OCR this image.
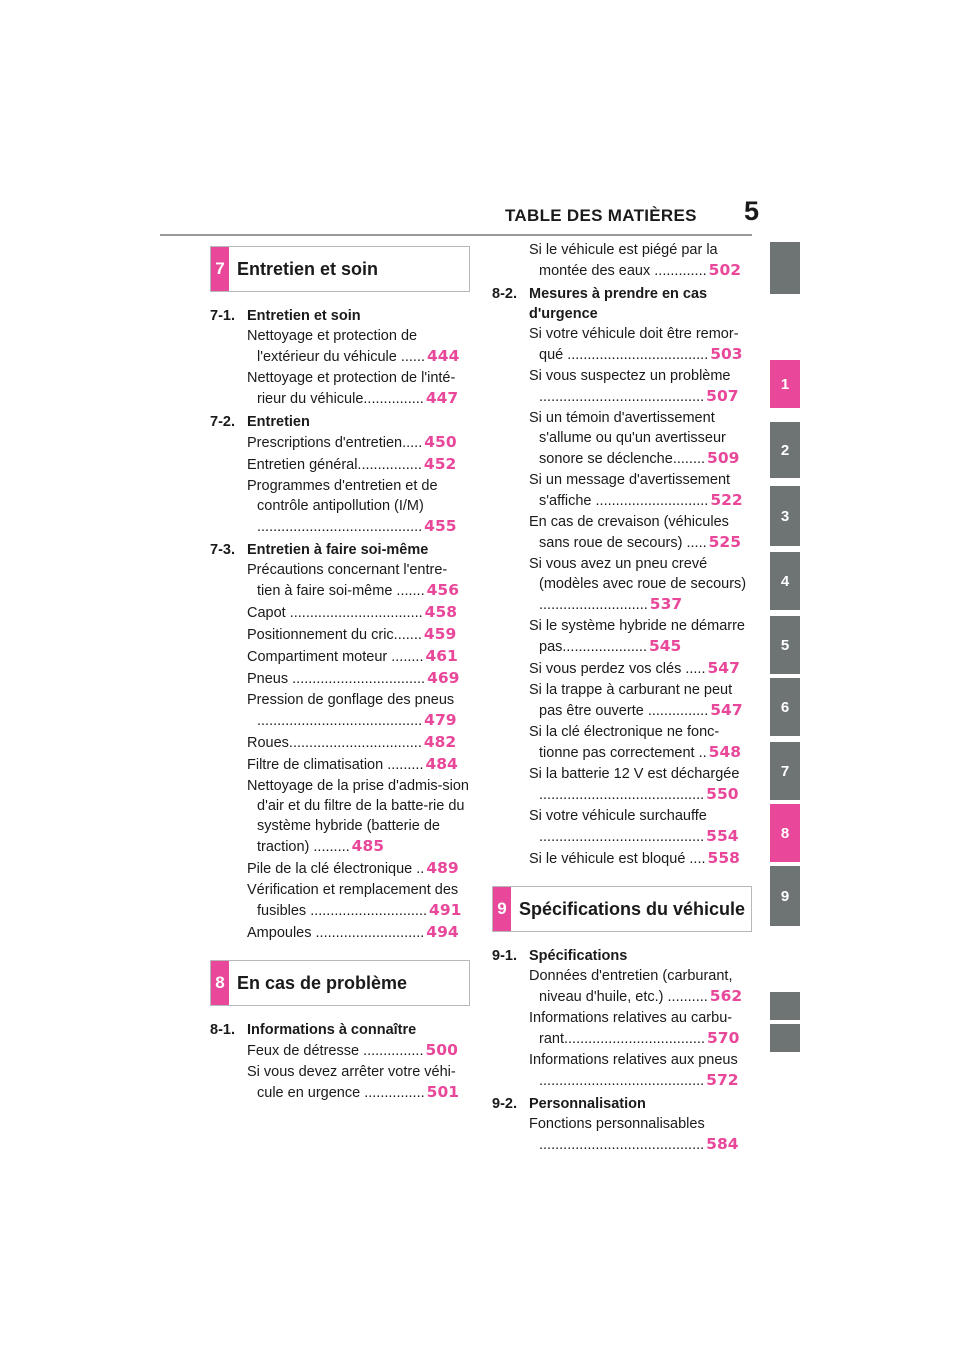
TABLE DES MATIÈRES 5
7 Entretien et soin
7-1. Entretien et soin
Nettoyage et protection de l'extérieur du véhicule ...... 444
Nettoyage et protection de l'inté-rieur du véhicule............... 447
7-2. Entretien
Prescriptions d'entretien..... 450
Entretien général................ 452
Programmes d'entretien et de contrôle antipollution (I/M) ......................................... 455
7-3. Entretien à faire soi-même
Précautions concernant l'entre-tien à faire soi-même ....... 456
Capot ................................. 458
Positionnement du cric....... 459
Compartiment moteur ........ 461
Pneus ................................. 469
Pression de gonflage des pneus ......................................... 479
Roues................................. 482
Filtre de climatisation ......... 484
Nettoyage de la prise d'admis-sion d'air et du filtre de la batte-rie du système hybride (batterie de traction) ......... 485
Pile de la clé électronique .. 489
Vérification et remplacement des fusibles ............................. 491
Ampoules ........................... 494
8 En cas de problème
8-1. Informations à connaître
Feux de détresse ............... 500
Si vous devez arrêter votre véhi-cule en urgence ............... 501
Si le véhicule est piégé par la montée des eaux ............. 502
8-2. Mesures à prendre en cas d'urgence
Si votre véhicule doit être remor-qué ................................... 503
Si vous suspectez un problème ......................................... 507
Si un témoin d'avertissement s'allume ou qu'un avertisseur sonore se déclenche........ 509
Si un message d'avertissement s'affiche ............................ 522
En cas de crevaison (véhicules sans roue de secours) ..... 525
Si vous avez un pneu crevé (modèles avec roue de secours) ........................... 537
Si le système hybride ne démarre pas..................... 545
Si vous perdez vos clés ..... 547
Si la trappe à carburant ne peut pas être ouverte ............... 547
Si la clé électronique ne fonc-tionne pas correctement .. 548
Si la batterie 12 V est déchargée ......................................... 550
Si votre véhicule surchauffe ......................................... 554
Si le véhicule est bloqué .... 558
9 Spécifications du véhicule
9-1. Spécifications
Données d'entretien (carburant, niveau d'huile, etc.) .......... 562
Informations relatives au carbu-rant................................... 570
Informations relatives aux pneus ......................................... 572
9-2. Personnalisation
Fonctions personnalisables ......................................... 584
1
2
3
4
5
6
7
8
9
